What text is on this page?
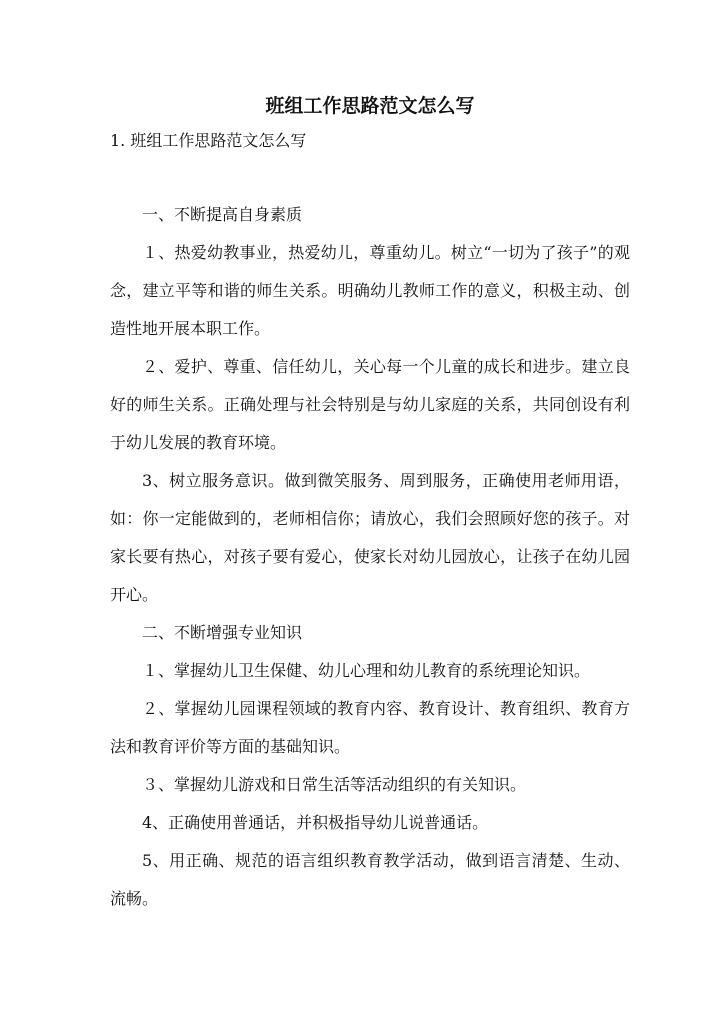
班组工作思路范文怎么写

1. 班组工作思路范文怎么写

一、不断提高自身素质

１、热爱幼教事业，热爱幼儿，尊重幼儿。树立“一切为了孩子”的观念，建立平等和谐的师生关系。明确幼儿教师工作的意义，积极主动、创造性地开展本职工作。

２、爱护、尊重、信任幼儿，关心每一个儿童的成长和进步。建立良好的师生关系。正确处理与社会特别是与幼儿家庭的关系，共同创设有利于幼儿发展的教育环境。

3、树立服务意识。做到微笑服务、周到服务，正确使用老师用语，如：你一定能做到的，老师相信你；请放心，我们会照顾好您的孩子。对家长要有热心，对孩子要有爱心，使家长对幼儿园放心，让孩子在幼儿园开心。

二、不断增强专业知识

１、掌握幼儿卫生保健、幼儿心理和幼儿教育的系统理论知识。

２、掌握幼儿园课程领域的教育内容、教育设计、教育组织、教育方法和教育评价等方面的基础知识。

３、掌握幼儿游戏和日常生活等活动组织的有关知识。

4、正确使用普通话，并积极指导幼儿说普通话。

5、用正确、规范的语言组织教育教学活动，做到语言清楚、生动、流畅。
